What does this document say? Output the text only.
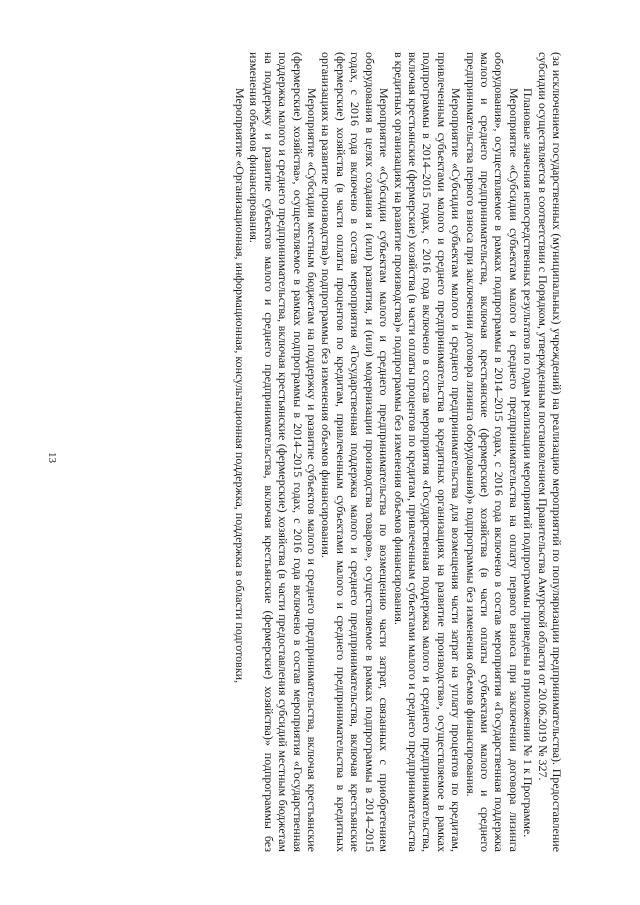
13	(за исключением государственных (муниципальных) учреждений) на реализацию мероприятий по популяризации предпринимательства). Предоставление субсидии осуществляется в соответствии с Порядком, утвержденным постановлением Правительства Амурской области от 20.06.2019 № 327.

Плановые значения непосредственных результатов по годам реализации мероприятий подпрограммы приведены в приложении № 1 к Программе.

Мероприятие «Субсидии субъектам малого и среднего предпринимательства на оплату первого взноса при заключении договора лизинга оборудования», осуществляемое в рамках подпрограммы в 2014–2015 годах, с 2016 года включено в состав мероприятия «Государственная поддержка малого и среднего предпринимательства, включая крестьянские (фермерские) хозяйства (в части оплаты субъектами малого и среднего предпринимательства первого взноса при заключении договора лизинга оборудования)» подпрограммы без изменения объемов финансирования.

Мероприятие «Субсидии субъектам малого и среднего предпринимательства для возмещения части затрат на уплату процентов по кредитам, привлеченным субъектами малого и среднего предпринимательства в кредитных организациях на развитие производства», осуществляемое в рамках подпрограммы в 2014–2015 годах, с 2016 года включено в состав мероприятия «Государственная поддержка малого и среднего предпринимательства, включая крестьянские (фермерские) хозяйства (в части оплаты процентов по кредитам, привлеченным субъектами малого и среднего предпринимательства в кредитных организациях на развитие производства)» подпрограммы без изменения объемов финансирования.

Мероприятие «Субсидии субъектам малого и среднего предпринимательства по возмещению части затрат, связанных с приобретением оборудования в целях создания и (или) развития, и (или) модернизации производства товаров», осуществляемое в рамках подпрограммы в 2014–2015 годах, с 2016 года включено в состав мероприятия «Государственная поддержка малого и среднего предпринимательства, включая крестьянские (фермерские) хозяйства (в части оплаты процентов по кредитам, привлеченным субъектами малого и среднего предпринимательства в кредитных организациях на развитие производства)» подпрограммы без изменения объемов финансирования.

Мероприятие «Субсидии местным бюджетам на поддержку и развитие субъектов малого и среднего предпринимательства, включая крестьянские (фермерские) хозяйства», осуществляемое в рамках подпрограммы в 2014–2015 годах, с 2016 года включено в состав мероприятия «Государственная поддержка малого и среднего предпринимательства, включая крестьянские (фермерские) хозяйства (в части предоставления субсидий местным бюджетам на поддержку и развитие субъектов малого и среднего предпринимательства, включая крестьянские (фермерские) хозяйства)» подпрограммы без изменения объемов финансирования.

Мероприятие «Организационная, информационная, консультационная поддержка, поддержка в области подготовки,
